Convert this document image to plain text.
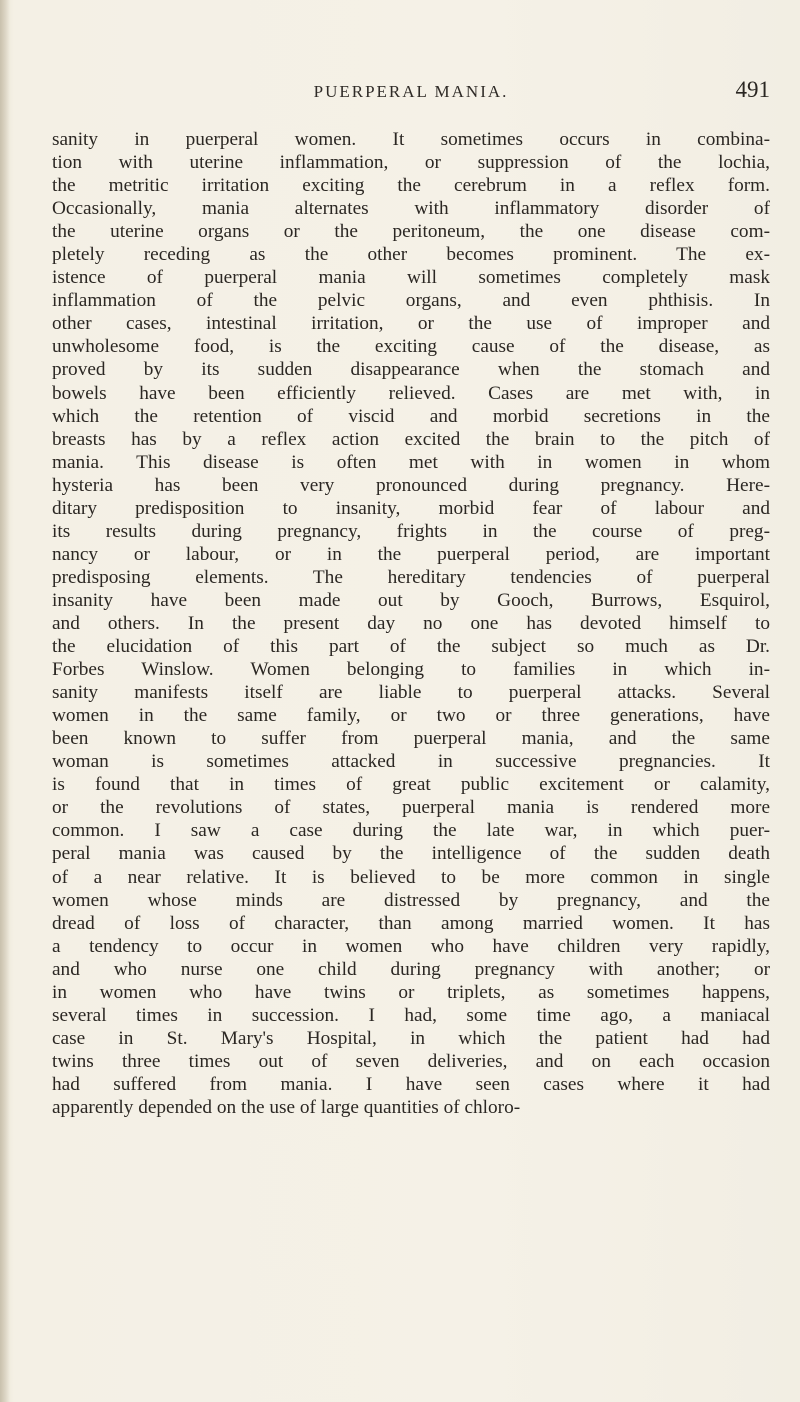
PUERPERAL MANIA.	491
sanity in puerperal women. It sometimes occurs in combina-
tion with uterine inflammation, or suppression of the lochia,
the metritic irritation exciting the cerebrum in a reflex form.
Occasionally, mania alternates with inflammatory disorder of
the uterine organs or the peritoneum, the one disease com-
pletely receding as the other becomes prominent. The ex-
istence of puerperal mania will sometimes completely mask
inflammation of the pelvic organs, and even phthisis. In
other cases, intestinal irritation, or the use of improper and
unwholesome food, is the exciting cause of the disease, as
proved by its sudden disappearance when the stomach and
bowels have been efficiently relieved. Cases are met with, in
which the retention of viscid and morbid secretions in the
breasts has by a reflex action excited the brain to the pitch of
mania. This disease is often met with in women in whom
hysteria has been very pronounced during pregnancy. Here-
ditary predisposition to insanity, morbid fear of labour and
its results during pregnancy, frights in the course of preg-
nancy or labour, or in the puerperal period, are important
predisposing elements. The hereditary tendencies of puerperal
insanity have been made out by Gooch, Burrows, Esquirol,
and others. In the present day no one has devoted himself to
the elucidation of this part of the subject so much as Dr.
Forbes Winslow. Women belonging to families in which in-
sanity manifests itself are liable to puerperal attacks. Several
women in the same family, or two or three generations, have
been known to suffer from puerperal mania, and the same
woman is sometimes attacked in successive pregnancies. It
is found that in times of great public excitement or calamity,
or the revolutions of states, puerperal mania is rendered more
common. I saw a case during the late war, in which puer-
peral mania was caused by the intelligence of the sudden death
of a near relative. It is believed to be more common in single
women whose minds are distressed by pregnancy, and the
dread of loss of character, than among married women. It has
a tendency to occur in women who have children very rapidly,
and who nurse one child during pregnancy with another; or
in women who have twins or triplets, as sometimes happens,
several times in succession. I had, some time ago, a maniacal
case in St. Mary's Hospital, in which the patient had had
twins three times out of seven deliveries, and on each occasion
had suffered from mania. I have seen cases where it had
apparently depended on the use of large quantities of chloro-
